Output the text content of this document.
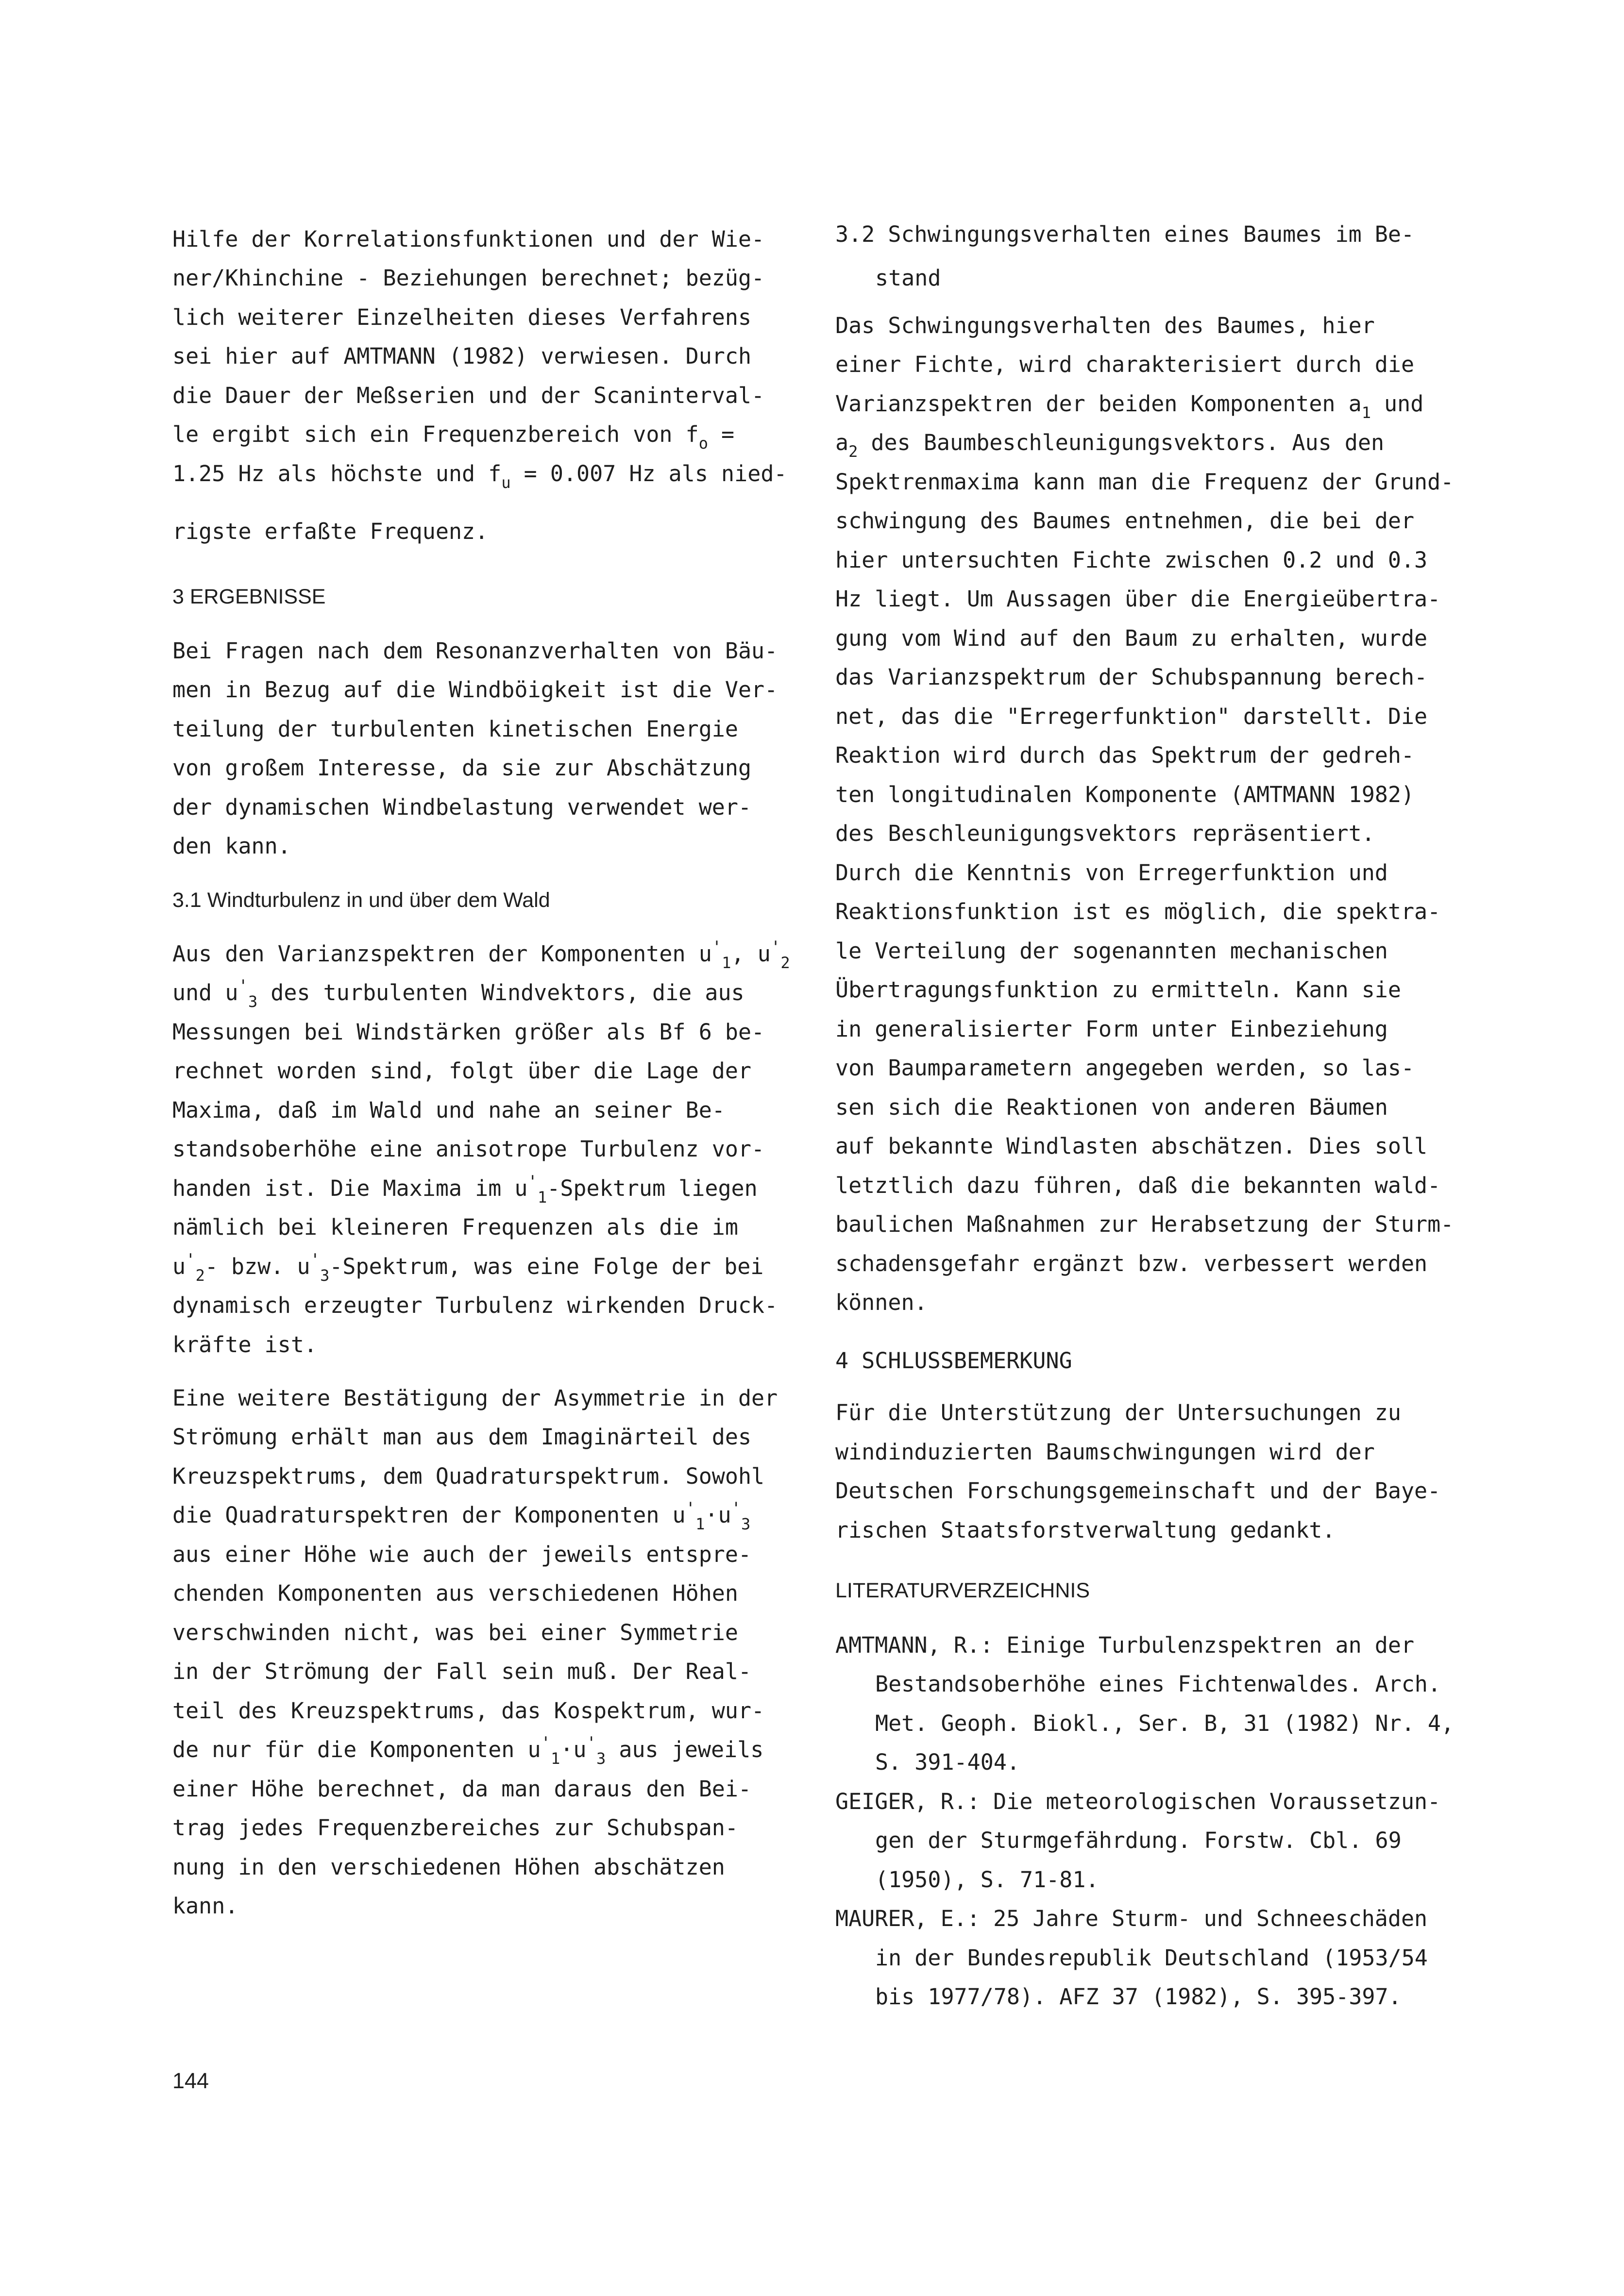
Hilfe der Korrelationsfunktionen und der Wie-
ner/Khinchine - Beziehungen berechnet; bezüg-
lich weiterer Einzelheiten dieses Verfahrens
sei hier auf AMTMANN (1982) verwiesen. Durch
die Dauer der Meßserien und der Scaninterval-
le ergibt sich ein Frequenzbereich von $f_o$ =
1.25 Hz als höchste und $f_u = 0.007$ Hz als nied-
rigste erfaßte Frequenz.
3 ERGEBNISSE
Bei Fragen nach dem Resonanzverhalten von Bäu-
men in Bezug auf die Windböigkeit ist die Ver-
teilung der turbulenten kinetischen Energie
von großem Interesse, da sie zur Abschätzung
der dynamischen Windbelastung verwendet wer-
den kann.
3.1 Windturbulenz in und über dem Wald
Aus den Varianzspektren der Komponenten $u'_1$, $u'_2$
und $u'_3$ des turbulenten Windvektors, die aus
Messungen bei Windstärken größer als Bf 6 be-
rechnet worden sind, folgt über die Lage der
Maxima, daß im Wald und nahe an seiner Be-
standsoberhöhe eine anisotrope Turbulenz vor-
handen ist. Die Maxima im $u'_1$-Spektrum liegen
nämlich bei kleineren Frequenzen als die im
$u'_2-$ bzw. $u'_3$-Spektrum, was eine Folge der bei
dynamisch erzeugter Turbulenz wirkenden Druck-
kräfte ist.
Eine weitere Bestätigung der Asymmetrie in der
Strömung erhält man aus dem Imaginärteil des
Kreuzspektrums, dem Quadraturspektrum. Sowohl
die Quadraturspektren der Komponenten $u'_1\cdot u'_3$
aus einer Höhe wie auch der jeweils entspre-
chenden Komponenten aus verschiedenen Höhen
verschwinden nicht, was bei einer Symmetrie
in der Strömung der Fall sein muß. Der Real-
teil des Kreuzspektrums, das Kospektrum, wur-
de nur für die Komponenten $u'_1\cdot u'_3$ aus jeweils
einer Höhe berechnet, da man daraus den Bei-
trag jedes Frequenzbereiches zur Schubspan-
nung in den verschiedenen Höhen abschätzen
kann.
3.2 Schwingungsverhalten eines Baumes im Be-
stand
Das Schwingungsverhalten des Baumes, hier
einer Fichte, wird charakterisiert durch die
Varianzspektren der beiden Komponenten $a_1$ und
$a_2$ des Baumbeschleunigungsvektors. Aus den
Spektrenmaxima kann man die Frequenz der Grund-
schwingung des Baumes entnehmen, die bei der
hier untersuchten Fichte zwischen 0.2 und 0.3
Hz liegt. Um Aussagen über die Energieübertra-
gung vom Wind auf den Baum zu erhalten, wurde
das Varianzspektrum der Schubspannung berech-
net, das die "Erregerfunktion" darstellt. Die
Reaktion wird durch das Spektrum der gedreh-
ten longitudinalen Komponente (AMTMANN 1982)
des Beschleunigungsvektors repräsentiert.
Durch die Kenntnis von Erregerfunktion und
Reaktionsfunktion ist es möglich, die spektra-
le Verteilung der sogenannten mechanischen
Übertragungsfunktion zu ermitteln. Kann sie
in generalisierter Form unter Einbeziehung
von Baumparametern angegeben werden, so las-
sen sich die Reaktionen von anderen Bäumen
auf bekannte Windlasten abschätzen. Dies soll
letztlich dazu führen, daß die bekannten wald-
baulichen Maßnahmen zur Herabsetzung der Sturm-
schadensgefahr ergänzt bzw. verbessert werden
können.
4 SCHLUSSBEMERKUNG
Für die Unterstützung der Untersuchungen zu
windinduzierten Baumschwingungen wird der
Deutschen Forschungsgemeinschaft und der Baye-
rischen Staatsforstverwaltung gedankt.
LITERATURVERZEICHNIS
AMTMANN, R.: Einige Turbulenzspektren an der
Bestandsoberhöhe eines Fichtenwaldes. Arch.
Met. Geoph. Biokl., Ser. B, 31 (1982) Nr. 4,
S. 391-404.
GEIGER, R.: Die meteorologischen Voraussetzun-
gen der Sturmgefährdung. Forstw. Cbl. 69
(1950), S. 71-81.
MAURER, E.: 25 Jahre Sturm- und Schneeschäden
in der Bundesrepublik Deutschland (1953/54
bis 1977/78). AFZ 37 (1982), S. 395-397.
144
